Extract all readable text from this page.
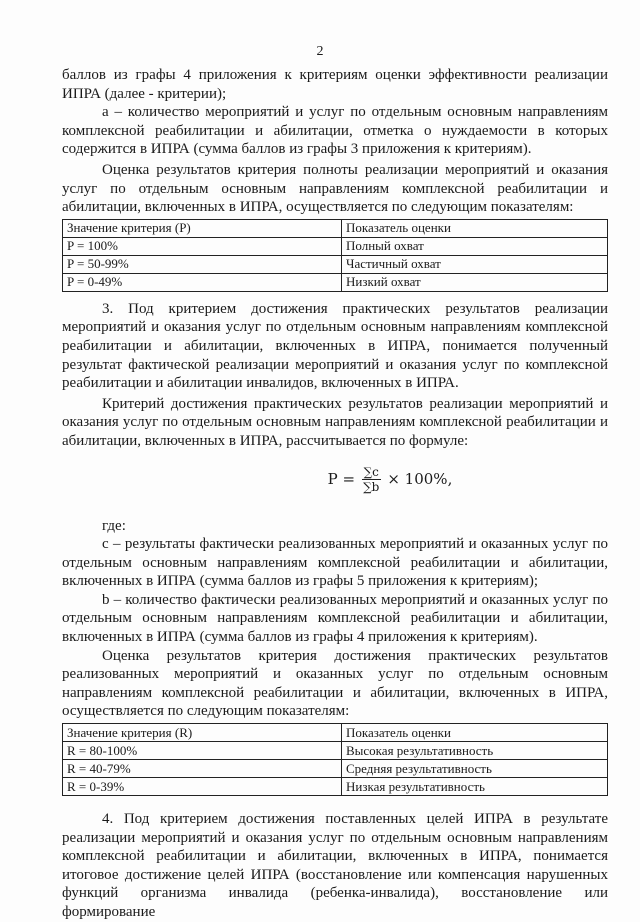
2

баллов из графы 4 приложения к критериям оценки эффективности реализации ИПРА (далее - критерии);

а – количество мероприятий и услуг по отдельным основным направлениям комплексной реабилитации и абилитации, отметка о нуждаемости в которых содержится в ИПРА (сумма баллов из графы 3 приложения к критериям).

Оценка результатов критерия полноты реализации мероприятий и оказания услуг по отдельным основным направлениям комплексной реабилитации и абилитации, включенных в ИПРА, осуществляется по следующим показателям:

Значение критерия (P)	Показатель оценки
P = 100%	Полный охват
P = 50-99%	Частичный охват
P = 0-49%	Низкий охват

3. Под критерием достижения практических результатов реализации мероприятий и оказания услуг по отдельным основным направлениям комплексной реабилитации и абилитации, включенных в ИПРА, понимается полученный результат фактической реализации мероприятий и оказания услуг по комплексной реабилитации и абилитации инвалидов, включенных в ИПРА.

Критерий достижения практических результатов реализации мероприятий и оказания услуг по отдельным основным направлениям комплексной реабилитации и абилитации, включенных в ИПРА, рассчитывается по формуле:

$P = \frac{\sum c}{\sum b} \times 100\%$,

где:

c – результаты фактически реализованных мероприятий и оказанных услуг по отдельным основным направлениям комплексной реабилитации и абилитации, включенных в ИПРА (сумма баллов из графы 5 приложения к критериям);

b – количество фактически реализованных мероприятий и оказанных услуг по отдельным основным направлениям комплексной реабилитации и абилитации, включенных в ИПРА (сумма баллов из графы 4 приложения к критериям).

Оценка результатов критерия достижения практических результатов реализованных мероприятий и оказанных услуг по отдельным основным направлениям комплексной реабилитации и абилитации, включенных в ИПРА, осуществляется по следующим показателям:

Значение критерия (R)	Показатель оценки
R = 80-100%	Высокая результативность
R = 40-79%	Средняя результативность
R = 0-39%	Низкая результативность

4. Под критерием достижения поставленных целей ИПРА в результате реализации мероприятий и оказания услуг по отдельным основным направлениям комплексной реабилитации и абилитации, включенных в ИПРА, понимается итоговое достижение целей ИПРА (восстановление или компенсация нарушенных функций организма инвалида (ребенка-инвалида), восстановление или формирование
